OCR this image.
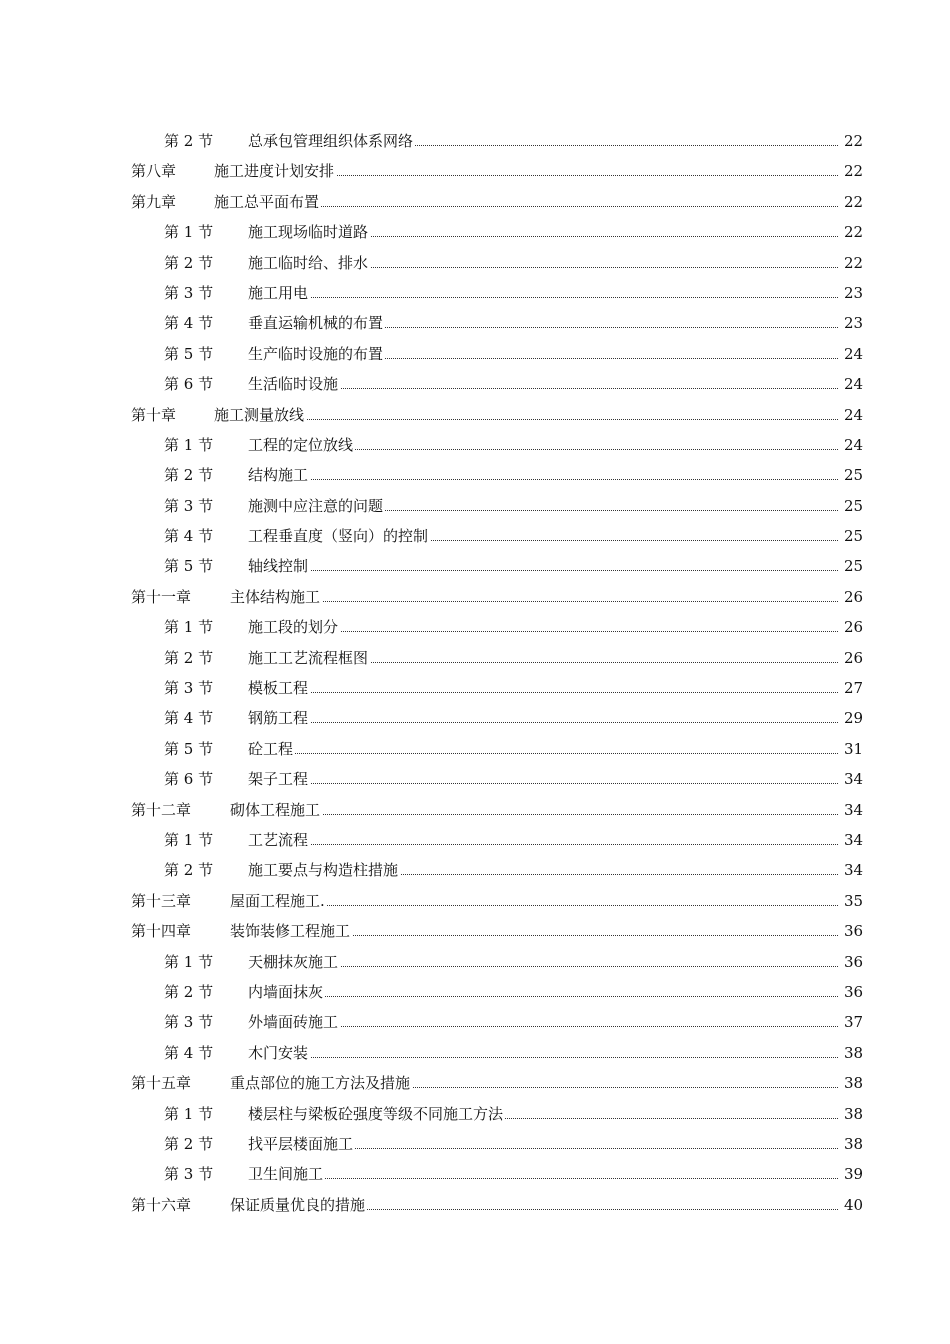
第 2 节 总承包管理组织体系网络	22
第八章	施工进度计划安排	22
第九章	施工总平面布置	22
第 1 节 施工现场临时道路	22
第 2 节 施工临时给、排水	22
第 3 节 施工用电	23
第 4 节 垂直运输机械的布置	23
第 5 节 生产临时设施的布置	24
第 6 节 生活临时设施	24
第十章	施工测量放线	24
第 1 节 工程的定位放线	24
第 2 节 结构施工	25
第 3 节 施测中应注意的问题	25
第 4 节 工程垂直度（竖向）的控制	25
第 5 节 轴线控制	25
第十一章	主体结构施工	26
第 1 节 施工段的划分	26
第 2 节 施工工艺流程框图	26
第 3 节 模板工程	27
第 4 节 钢筋工程	29
第 5 节 砼工程	31
第 6 节 架子工程	34
第十二章	砌体工程施工	34
第 1 节 工艺流程	34
第 2 节 施工要点与构造柱措施	34
第十三章	屋面工程施工.	35
第十四章	装饰装修工程施工	36
第 1 节 天棚抹灰施工	36
第 2 节 内墙面抹灰	36
第 3 节 外墙面砖施工	37
第 4 节 木门安装	38
第十五章	重点部位的施工方法及措施	38
第 1 节 楼层柱与梁板砼强度等级不同施工方法	38
第 2 节 找平层楼面施工	38
第 3 节 卫生间施工	39
第十六章	保证质量优良的措施	40
